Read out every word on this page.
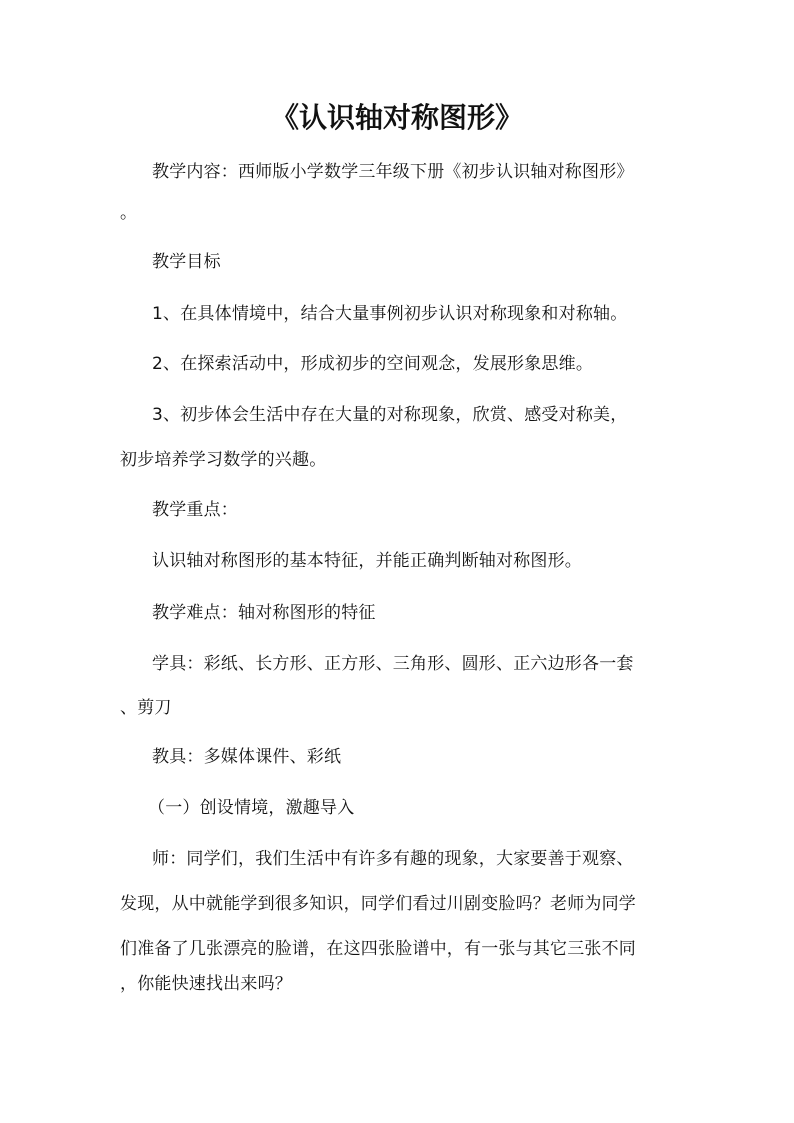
《认识轴对称图形》
教学内容：西师版小学数学三年级下册《初步认识轴对称图形》
。
教学目标
1、在具体情境中，结合大量事例初步认识对称现象和对称轴。
2、在探索活动中，形成初步的空间观念，发展形象思维。
3、初步体会生活中存在大量的对称现象，欣赏、感受对称美，
初步培养学习数学的兴趣。
教学重点：
认识轴对称图形的基本特征，并能正确判断轴对称图形。
教学难点：轴对称图形的特征
学具：彩纸、长方形、正方形、三角形、圆形、正六边形各一套
、剪刀
教具：多媒体课件、彩纸
（一）创设情境，激趣导入
师：同学们，我们生活中有许多有趣的现象，大家要善于观察、
发现，从中就能学到很多知识，同学们看过川剧变脸吗？老师为同学
们准备了几张漂亮的脸谱，在这四张脸谱中，有一张与其它三张不同
，你能快速找出来吗？
